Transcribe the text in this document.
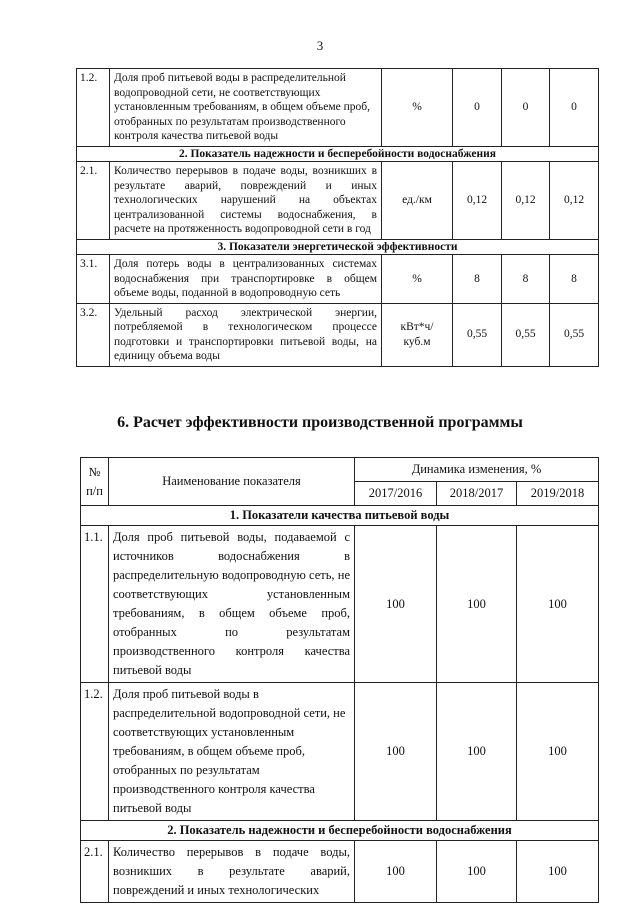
3
1.2.	Доля проб питьевой воды в распределительной водопроводной сети, не соответствующих установленным требованиям, в общем объеме проб, отобранных по результатам производственного контроля качества питьевой воды	%	0	0	0
2. Показатель надежности и бесперебойности водоснабжения					
2.1.	Количество перерывов в подаче воды, возникших в результате аварий, повреждений и иных технологических нарушений на объектах централизованной системы водоснабжения, в расчете на протяженность водопроводной сети в год	ед./км	0,12	0,12	0,12
3. Показатели энергетической эффективности					
3.1.	Доля потерь воды в централизованных системах водоснабжения при транспортировке в общем объеме воды, поданной в водопроводную сеть	%	8	8	8
3.2.	Удельный расход электрической энергии, потребляемой в технологическом процессе подготовки и транспортировки питьевой воды, на единицу объема воды	кВт*ч/ куб.м	0,55	0,55	0,55
6. Расчет эффективности производственной программы
№
п/п	Наименование показателя	Динамика изменения, %		
		2017/2016	2018/2017	2019/2018
1. Показатели качества питьевой воды				
1.1.	Доля проб питьевой воды, подаваемой с источников водоснабжения в распределительную водопроводную сеть, не соответствующих установленным требованиям, в общем объеме проб, отобранных по результатам производственного контроля качества питьевой воды	100	100	100
1.2.	Доля проб питьевой воды в распределительной водопроводной сети, не соответствующих установленным требованиям, в общем объеме проб, отобранных по результатам производственного контроля качества питьевой воды	100	100	100
2. Показатель надежности и бесперебойности водоснабжения				
2.1.	Количество перерывов в подаче воды, возникших в результате аварий, повреждений и иных технологических	100	100	100
